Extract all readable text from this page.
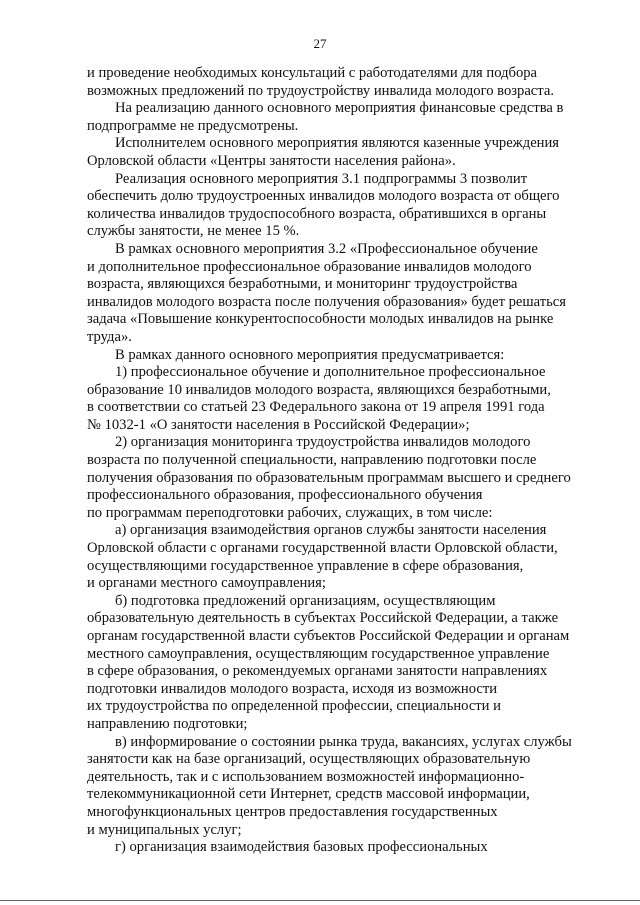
27

и проведение необходимых консультаций с работодателями для подбора
возможных предложений по трудоустройству инвалида молодого возраста.

На реализацию данного основного мероприятия финансовые средства в
подпрограмме не предусмотрены.

Исполнителем основного мероприятия являются казенные учреждения
Орловской области «Центры занятости населения района».

Реализация основного мероприятия 3.1 подпрограммы 3 позволит
обеспечить долю трудоустроенных инвалидов молодого возраста от общего
количества инвалидов трудоспособного возраста, обратившихся в органы
службы занятости, не менее 15 %.

В рамках основного мероприятия 3.2 «Профессиональное обучение
и дополнительное профессиональное образование инвалидов молодого
возраста, являющихся безработными, и мониторинг трудоустройства
инвалидов молодого возраста после получения образования» будет решаться
задача «Повышение конкурентоспособности молодых инвалидов на рынке
труда».

В рамках данного основного мероприятия предусматривается:

1) профессиональное обучение и дополнительное профессиональное
образование 10 инвалидов молодого возраста, являющихся безработными,
в соответствии со статьей 23 Федерального закона от 19 апреля 1991 года
№ 1032-1 «О занятости населения в Российской Федерации»;

2) организация мониторинга трудоустройства инвалидов молодого
возраста по полученной специальности, направлению подготовки после
получения образования по образовательным программам высшего и среднего
профессионального образования, профессионального обучения
по программам переподготовки рабочих, служащих, в том числе:

а) организация взаимодействия органов службы занятости населения
Орловской области с органами государственной власти Орловской области,
осуществляющими государственное управление в сфере образования,
и органами местного самоуправления;

б) подготовка предложений организациям, осуществляющим
образовательную деятельность в субъектах Российской Федерации, а также
органам государственной власти субъектов Российской Федерации и органам
местного самоуправления, осуществляющим государственное управление
в сфере образования, о рекомендуемых органами занятости направлениях
подготовки инвалидов молодого возраста, исходя из возможности
их трудоустройства по определенной профессии, специальности и
направлению подготовки;

в) информирование о состоянии рынка труда, вакансиях, услугах службы
занятости как на базе организаций, осуществляющих образовательную
деятельность, так и с использованием возможностей информационно-
телекоммуникационной сети Интернет, средств массовой информации,
многофункциональных центров предоставления государственных
и муниципальных услуг;

г) организация взаимодействия базовых профессиональных
